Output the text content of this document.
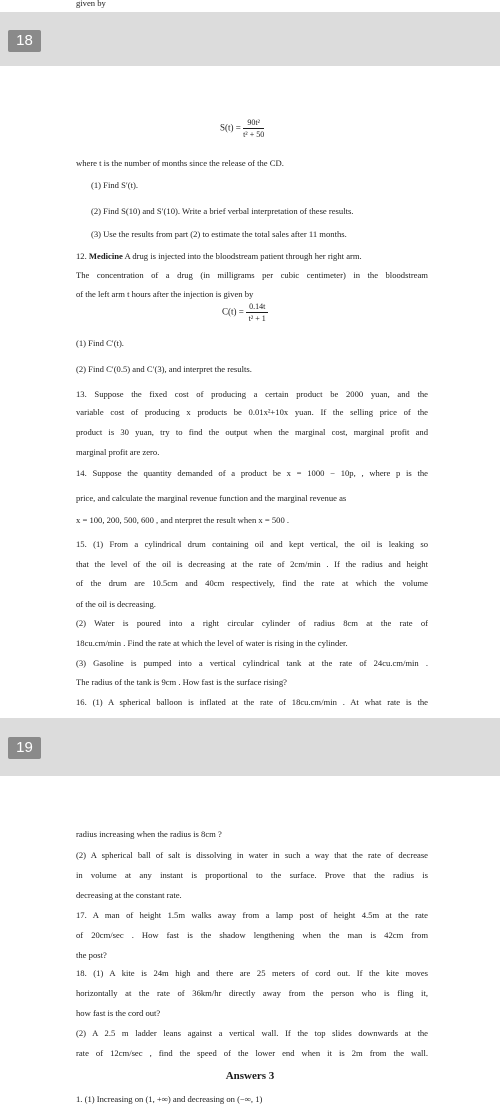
given by
18
$S(t) = \frac{\text{90t²}}{\text{t² + 50}}$
where t is the number of months since the release of the CD.
(1) Find S′(t).
(2) Find S(10) and S′(10). Write a brief verbal interpretation of these results.
(3) Use the results from part (2) to estimate the total sales after 11 months.
12. Medicine A drug is injected into the bloodstream patient through her right arm.
The concentration of a drug (in milligrams per cubic centimeter) in the bloodstream
of the left arm t hours after the injection is given by
$C(t) = \frac{0.14t}{\text{t² + 1}}$
(1) Find C′(t).
(2) Find C′(0.5) and C′(3), and interpret the results.
13. Suppose the fixed cost of producing a certain product be 2000 yuan, and the
variable cost of producing x products be 0.01x²+10x yuan. If the selling price of the
product is 30 yuan, try to find the output when the marginal cost, marginal profit and
marginal profit are zero.
14. Suppose the quantity demanded of a product be x = 1000 − 10p, , where p is the
price, and calculate the marginal revenue function and the marginal revenue as
x = 100, 200, 500, 600 , and nterpret the result when x = 500 .
15. (1) From a cylindrical drum containing oil and kept vertical, the oil is leaking so
that the level of the oil is decreasing at the rate of 2cm/min . If the radius and height
of the drum are 10.5cm and 40cm respectively, find the rate at which the volume
of the oil is decreasing.
(2) Water is poured into a right circular cylinder of radius 8cm at the rate of
18cu.cm/min . Find the rate at which the level of water is rising in the cylinder.
(3) Gasoline is pumped into a vertical cylindrical tank at the rate of 24cu.cm/min .
The radius of the tank is 9cm . How fast is the surface rising?
16. (1) A spherical balloon is inflated at the rate of 18cu.cm/min . At what rate is the
19
radius increasing when the radius is 8cm ?
(2) A spherical ball of salt is dissolving in water in such a way that the rate of decrease
in volume at any instant is proportional to the surface. Prove that the radius is
decreasing at the constant rate.
17. A man of height 1.5m walks away from a lamp post of height 4.5m at the rate
of 20cm/sec . How fast is the shadow lengthening when the man is 42cm from
the post?
18. (1) A kite is 24m high and there are 25 meters of cord out. If the kite moves
horizontally at the rate of 36km/hr directly away from the person who is fling it,
how fast is the cord out?
(2) A 2.5 m ladder leans against a vertical wall. If the top slides downwards at the
rate of 12cm/sec , find the speed of the lower end when it is 2m from the wall.
Answers 3
1. (1) Increasing on (1, +∞) and decreasing on (−∞, 1)
